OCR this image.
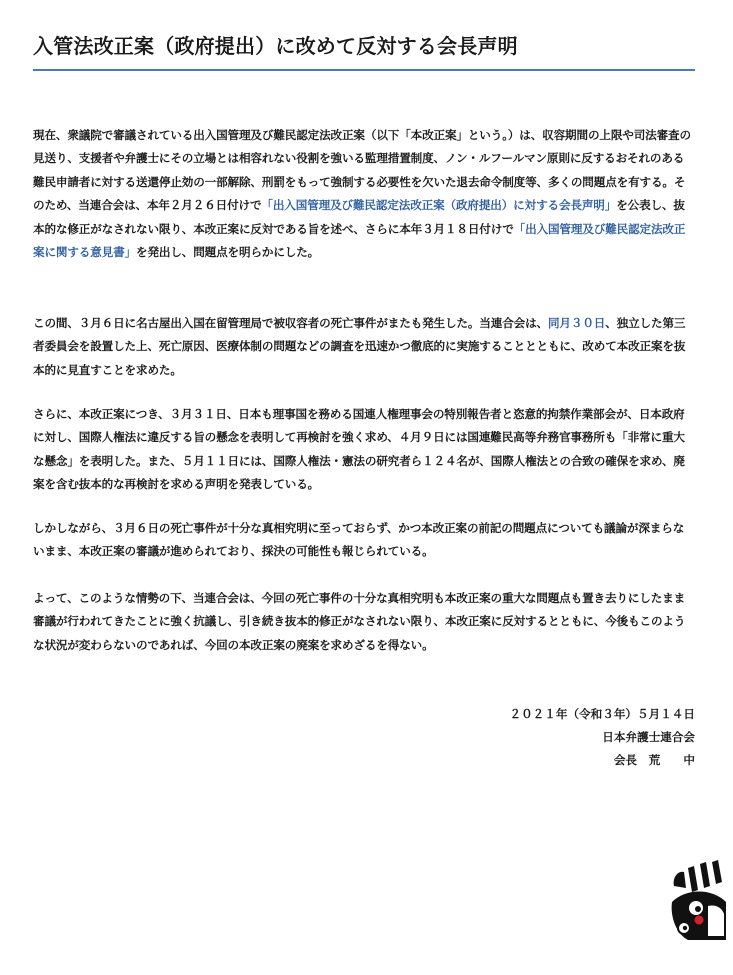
入管法改正案（政府提出）に改めて反対する会長声明

現在、衆議院で審議されている出入国管理及び難民認定法改正案（以下「本改正案」という。）は、収容期間の上限や司法審査の見送り、支援者や弁護士にその立場とは相容れない役割を強いる監理措置制度、ノン・ルフールマン原則に反するおそれのある難民申請者に対する送還停止効の一部解除、刑罰をもって強制する必要性を欠いた退去命令制度等、多くの問題点を有する。そのため、当連合会は、本年２月２６日付けで「出入国管理及び難民認定法改正案（政府提出）に対する会長声明」を公表し、抜本的な修正がなされない限り、本改正案に反対である旨を述べ、さらに本年３月１８日付けで「出入国管理及び難民認定法改正案に関する意見書」を発出し、問題点を明らかにした。

この間、３月６日に名古屋出入国在留管理局で被収容者の死亡事件がまたも発生した。当連合会は、同月３０日、独立した第三者委員会を設置した上、死亡原因、医療体制の問題などの調査を迅速かつ徹底的に実施することとともに、改めて本改正案を抜本的に見直すことを求めた。

さらに、本改正案につき、３月３１日、日本も理事国を務める国連人権理事会の特別報告者と恣意的拘禁作業部会が、日本政府に対し、国際人権法に違反する旨の懸念を表明して再検討を強く求め、４月９日には国連難民高等弁務官事務所も「非常に重大な懸念」を表明した。また、５月１１日には、国際人権法・憲法の研究者ら１２４名が、国際人権法との合致の確保を求め、廃案を含む抜本的な再検討を求める声明を発表している。

しかしながら、３月６日の死亡事件が十分な真相究明に至っておらず、かつ本改正案の前記の問題点についても議論が深まらないまま、本改正案の審議が進められており、採決の可能性も報じられている。

よって、このような情勢の下、当連合会は、今回の死亡事件の十分な真相究明も本改正案の重大な問題点も置き去りにしたまま審議が行われてきたことに強く抗議し、引き続き抜本的修正がなされない限り、本改正案に反対するとともに、今後もこのような状況が変わらないのであれば、今回の本改正案の廃案を求めざるを得ない。

２０２１年（令和３年）５月１４日
日本弁護士連合会
会長　荒　　中
